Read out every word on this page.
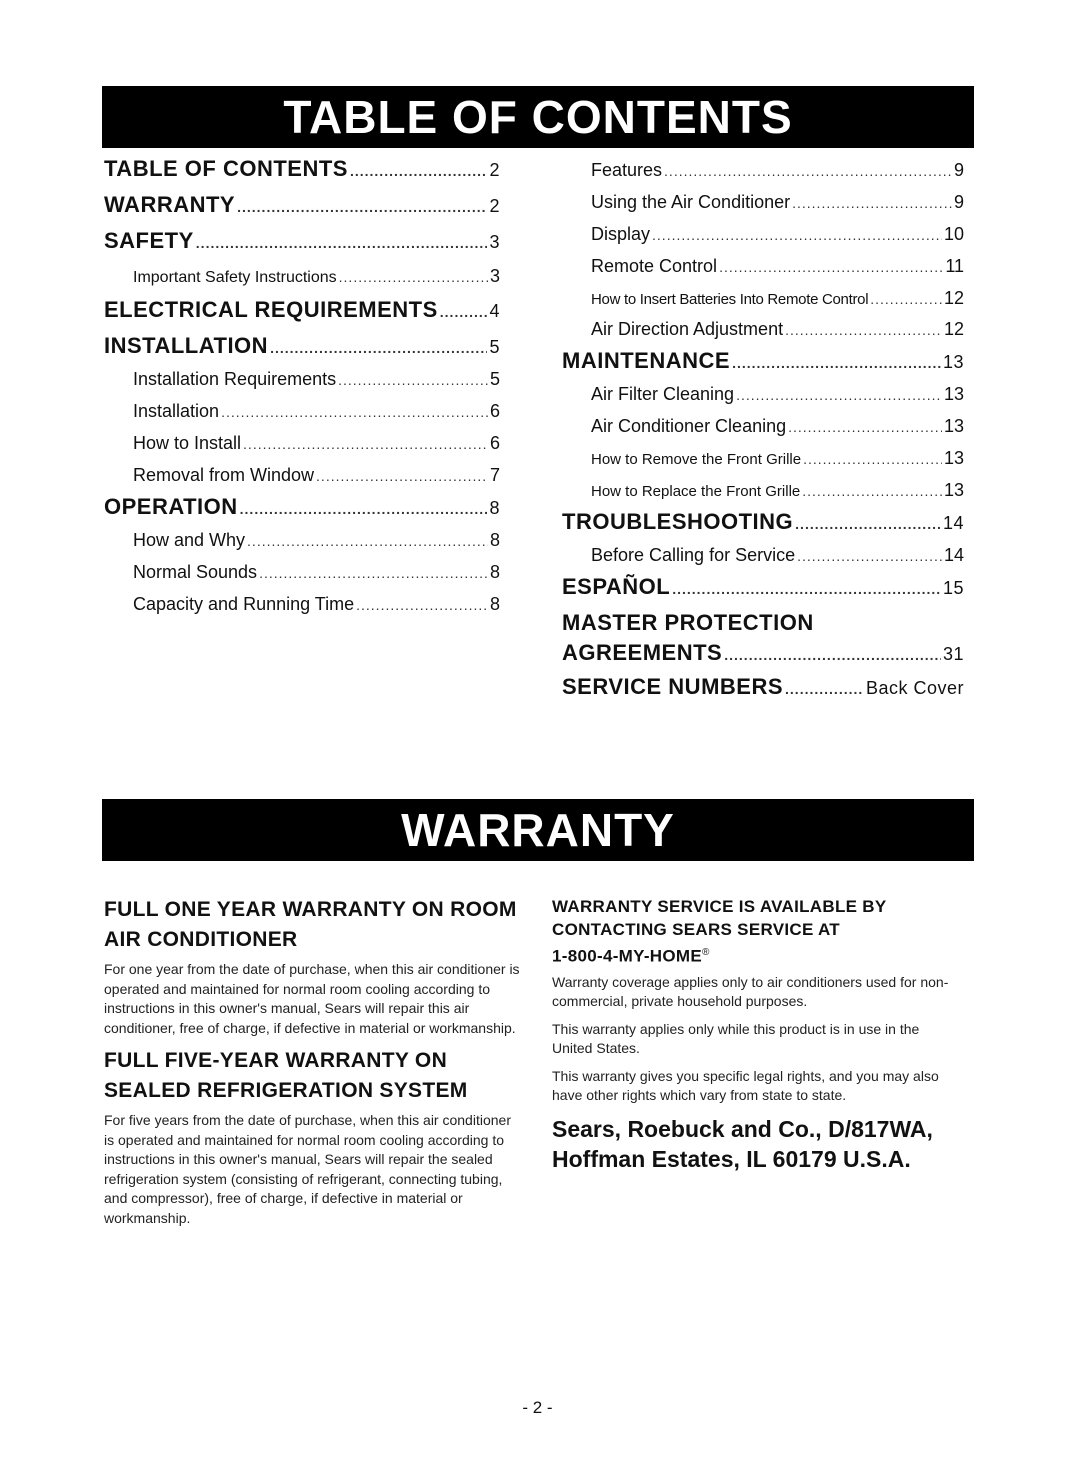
TABLE OF CONTENTS
TABLE OF CONTENTS .....	2
WARRANTY .....	2
SAFETY .....	3
Important Safety Instructions .....	3
ELECTRICAL REQUIREMENTS .....	4
INSTALLATION .....	5
Installation Requirements .....	5
Installation .....	6
How to Install .....	6
Removal from Window .....	7
OPERATION .....	8
How and Why .....	8
Normal Sounds .....	8
Capacity and Running Time .....	8
Features .....	9
Using the Air Conditioner .....	9
Display .....	10
Remote Control .....	11
How to Insert Batteries Into Remote Control .....	12
Air Direction Adjustment .....	12
MAINTENANCE .....	13
Air Filter Cleaning .....	13
Air Conditioner Cleaning .....	13
How to Remove the Front Grille .....	13
How to Replace the Front Grille .....	13
TROUBLESHOOTING .....	14
Before Calling for Service .....	14
ESPAÑOL .....	15
MASTER PROTECTION
AGREEMENTS .....	31
SERVICE NUMBERS .....	Back Cover
WARRANTY
FULL ONE YEAR WARRANTY ON ROOM AIR CONDITIONER

For one year from the date of purchase, when this air conditioner is operated and maintained for normal room cooling according to instructions in this owner's manual, Sears will repair this air conditioner, free of charge, if defective in material or workmanship.

FULL FIVE-YEAR WARRANTY ON SEALED REFRIGERATION SYSTEM

For five years from the date of purchase, when this air conditioner is operated and maintained for normal room cooling according to instructions in this owner's manual, Sears will repair the sealed refrigeration system (consisting of refrigerant, connecting tubing, and compressor), free of charge, if defective in material or workmanship.

WARRANTY SERVICE IS AVAILABLE BY CONTACTING SEARS SERVICE AT
1-800-4-MY-HOME®

Warranty coverage applies only to air conditioners used for non-commercial, private household purposes.

This warranty applies only while this product is in use in the United States.

This warranty gives you specific legal rights, and you may also have other rights which vary from state to state.

Sears, Roebuck and Co., D/817WA,
Hoffman Estates, IL 60179 U.S.A.
- 2 -
